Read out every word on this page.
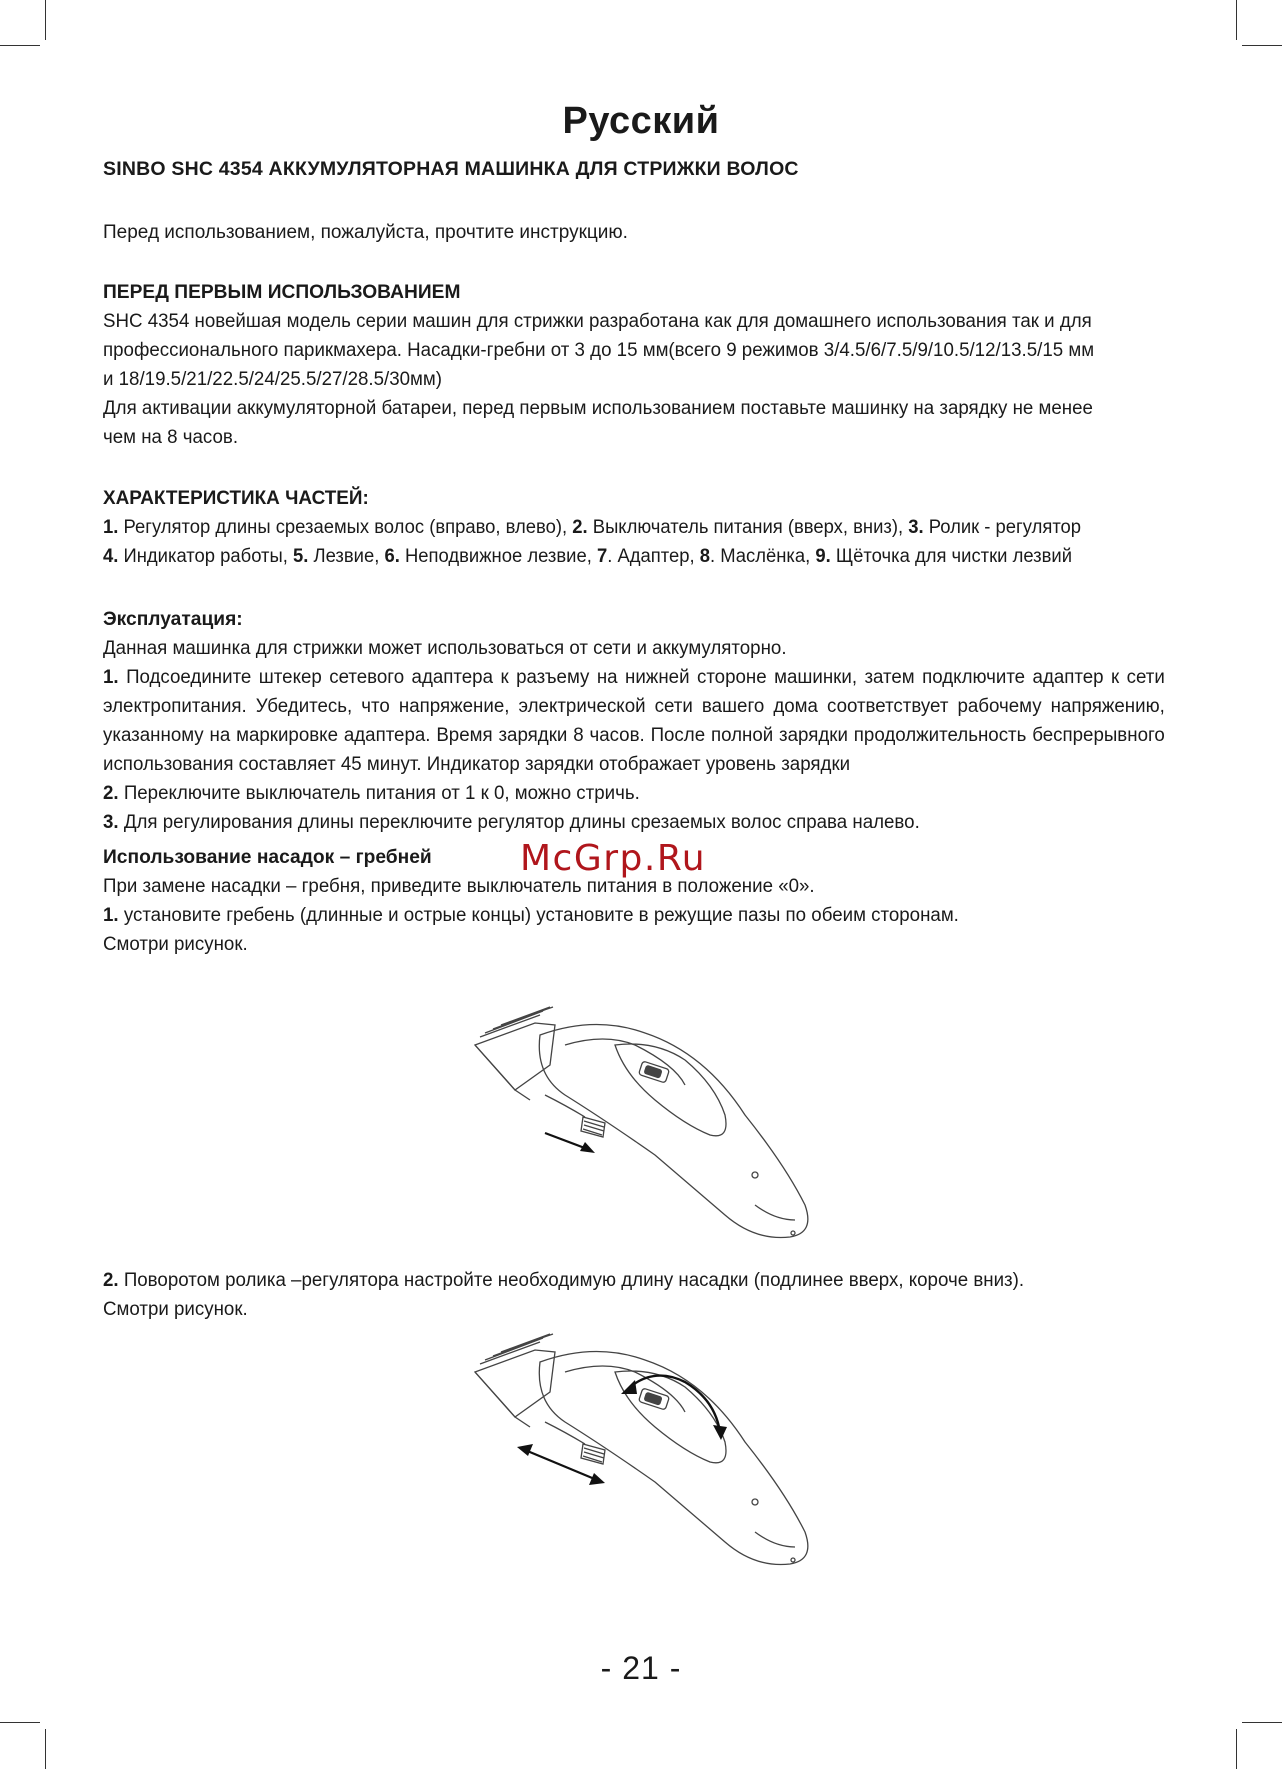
Русский
SINBO SHC 4354 АККУМУЛЯТОРНАЯ МАШИНКА ДЛЯ СТРИЖКИ ВОЛОС

Перед использованием, пожалуйста, прочтите инструкцию.

ПЕРЕД ПЕРВЫМ ИСПОЛЬЗОВАНИЕМ

SHC 4354 новейшая модель серии машин для стрижки разработана как для домашнего использования так и для

профессионального парикмахера. Насадки-гребни от 3 до 15 мм(всего 9 режимов 3/4.5/6/7.5/9/10.5/12/13.5/15 мм

и 18/19.5/21/22.5/24/25.5/27/28.5/30мм)

Для активации аккумуляторной батареи, перед первым использованием поставьте машинку на зарядку не менее

чем на 8 часов.

ХАРАКТЕРИСТИКА ЧАСТЕЙ:

1. Регулятор длины срезаемых волос (вправо, влево), 2. Выключатель питания (вверх, вниз), 3. Ролик - регулятор

4. Индикатор работы, 5. Лезвие, 6. Неподвижное лезвие, 7. Адаптер, 8. Маслёнка, 9. Щёточка для чистки лезвий

Эксплуатация:

Данная машинка для стрижки может использоваться от сети и аккумуляторно.

1. Подсоедините штекер сетевого адаптера к разъему на нижней стороне машинки, затем подключите адаптер к сети электропитания. Убедитесь, что напряжение, электрической сети вашего дома соответствует рабочему напряжению, указанному на маркировке адаптера. Время зарядки 8 часов. После полной зарядки продолжительность беспрерывного использования составляет 45 минут. Индикатор зарядки отображает уровень зарядки

2. Переключите выключатель питания от 1 к 0, можно стричь.

3. Для регулирования длины переключите регулятор длины срезаемых волос справа налево.

Использование насадок – гребней

При замене насадки – гребня, приведите выключатель питания в положение «0».

1. установите гребень (длинные и острые концы) установите в режущие пазы по обеим сторонам.

Смотри рисунок.

McGrp.Ru

2. Поворотом ролика –регулятора настройте необходимую длину насадки (подлинее вверх, короче вниз).

Смотри рисунок.

- 21 -
